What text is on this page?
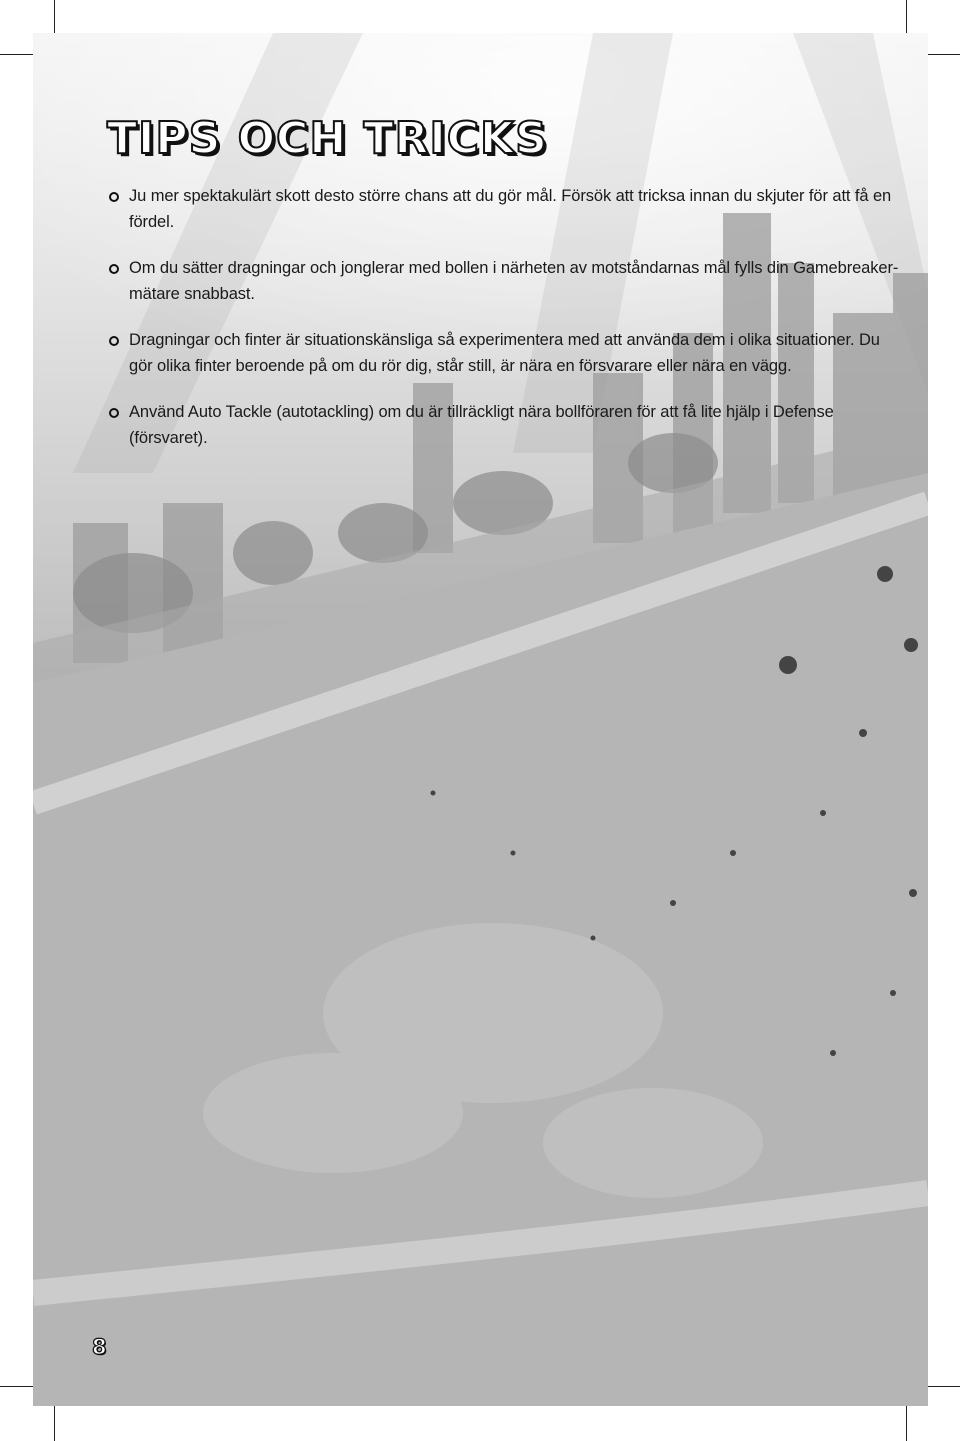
TIPS OCH TRICKS
Ju mer spektakulärt skott desto större chans att du gör mål. Försök att tricksa innan du skjuter för att få en fördel.
Om du sätter dragningar och jonglerar med bollen i närheten av motståndarnas mål fylls din Gamebreaker-mätare snabbast.
Dragningar och finter är situationskänsliga så experimentera med att använda dem i olika situationer. Du gör olika finter beroende på om du rör dig, står still, är nära en försvarare eller nära en vägg.
Använd Auto Tackle (autotackling) om du är tillräckligt nära bollföraren för att få lite hjälp i Defense (försvaret).

8
